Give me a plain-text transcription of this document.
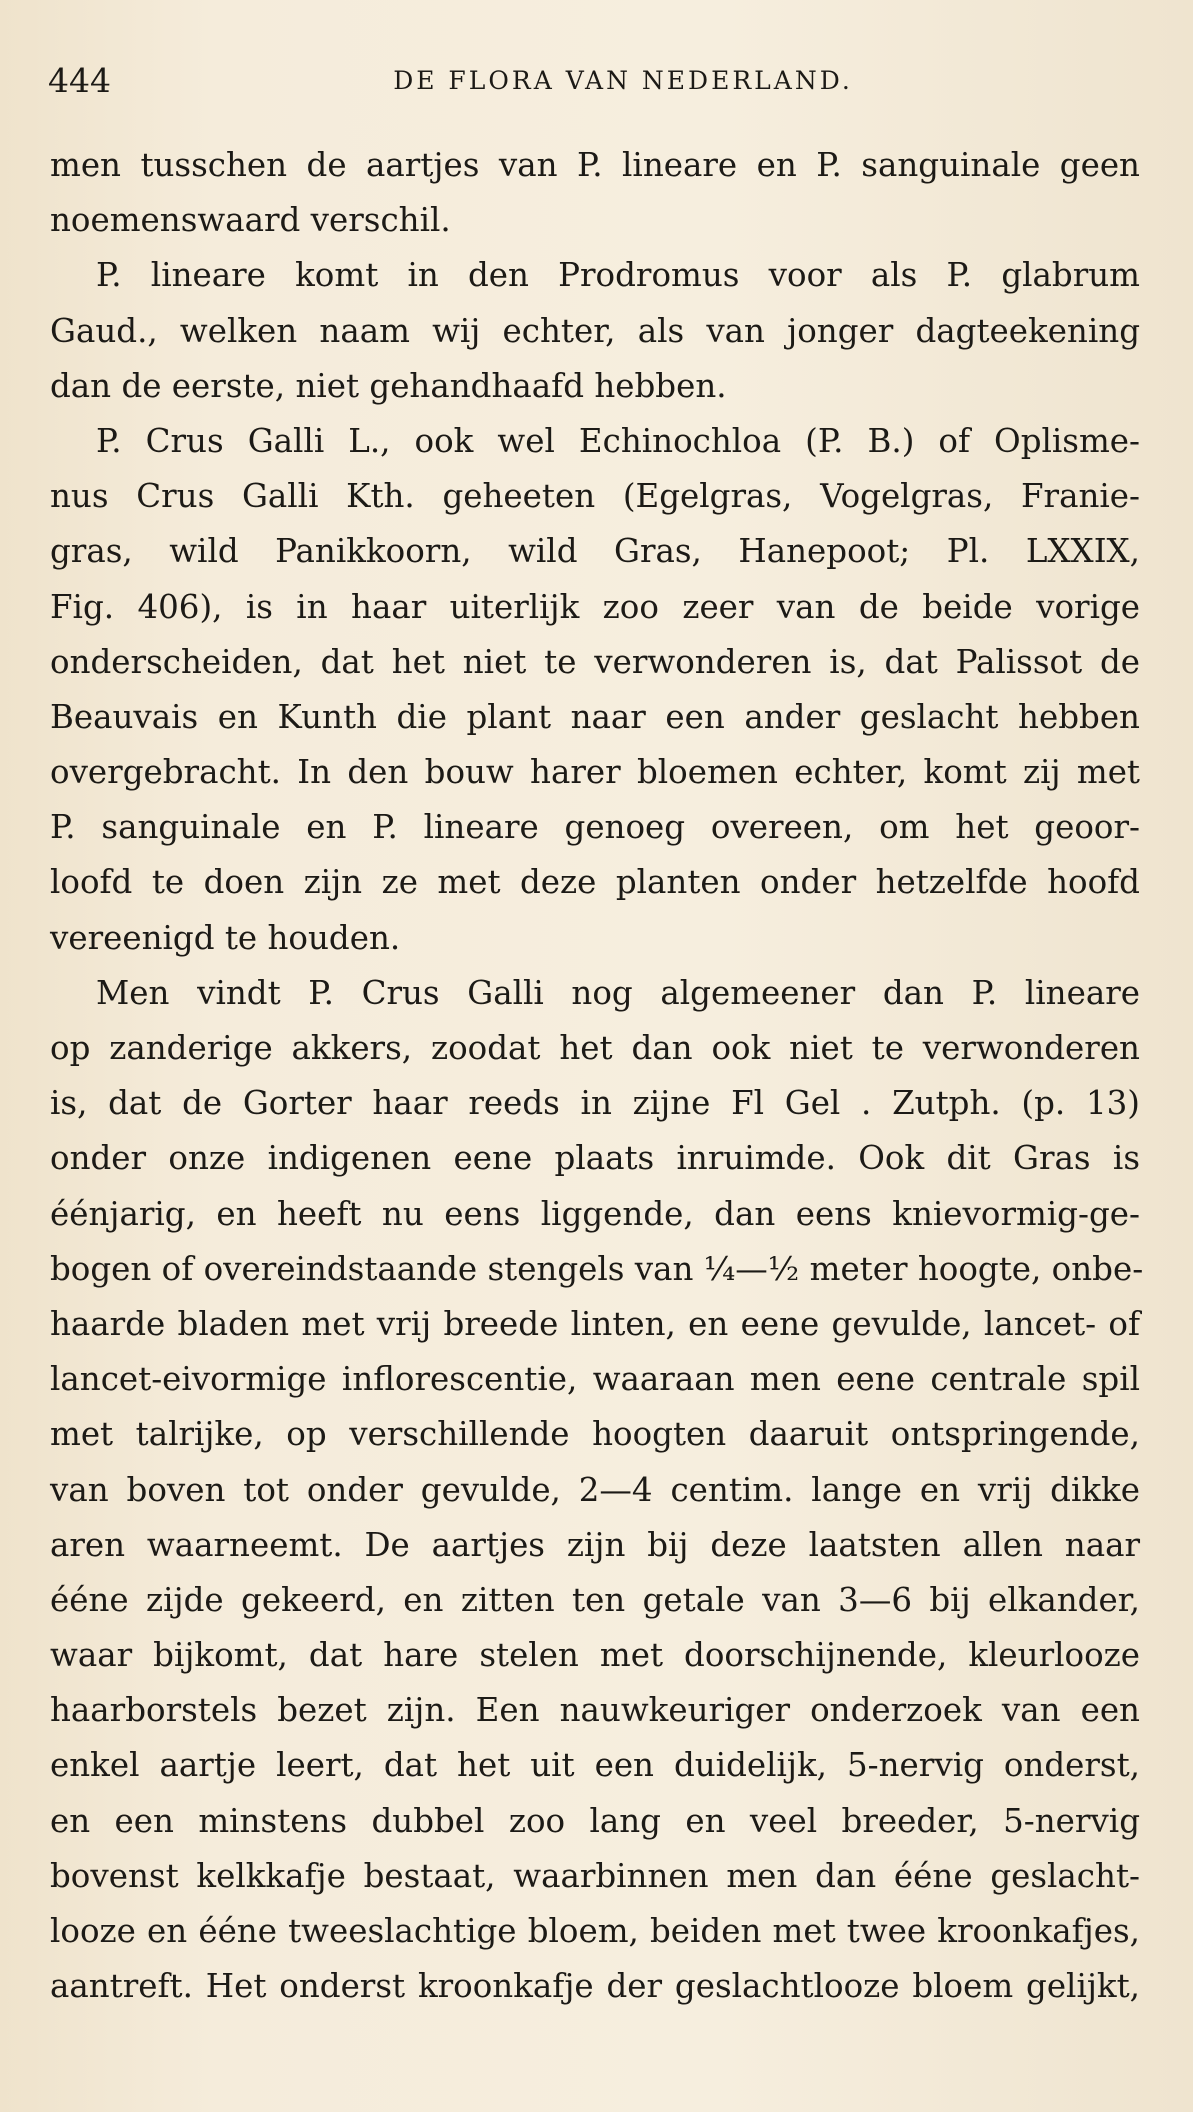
444	DE FLORA VAN NEDERLAND.
men tusschen de aartjes van P. lineare en P. sanguinale geen
noemenswaard verschil.
P. lineare komt in den Prodromus voor als P. glabrum
Gaud., welken naam wij echter, als van jonger dagteekening
dan de eerste, niet gehandhaafd hebben.
P. Crus Galli L., ook wel Echinochloa (P. B.) of Oplisme-
nus Crus Galli Kth. geheeten (Egelgras, Vogelgras, Franie-
gras, wild Panikkoorn, wild Gras, Hanepoot; Pl. LXXIX,
Fig. 406), is in haar uiterlijk zoo zeer van de beide vorige
onderscheiden, dat het niet te verwonderen is, dat Palissot de
Beauvais en Kunth die plant naar een ander geslacht hebben
overgebracht. In den bouw harer bloemen echter, komt zij met
P. sanguinale en P. lineare genoeg overeen, om het geoor-
loofd te doen zijn ze met deze planten onder hetzelfde hoofd
vereenigd te houden.
Men vindt P. Crus Galli nog algemeener dan P. lineare
op zanderige akkers, zoodat het dan ook niet te verwonderen
is, dat de Gorter haar reeds in zijne Fl Gel . Zutph. (p. 13)
onder onze indigenen eene plaats inruimde. Ook dit Gras is
éénjarig, en heeft nu eens liggende, dan eens knievormig-ge-
bogen of overeindstaande stengels van ¼—½ meter hoogte, onbe-
haarde bladen met vrij breede linten, en eene gevulde, lancet- of
lancet-eivormige inflorescentie, waaraan men eene centrale spil
met talrijke, op verschillende hoogten daaruit ontspringende,
van boven tot onder gevulde, 2—4 centim. lange en vrij dikke
aren waarneemt. De aartjes zijn bij deze laatsten allen naar
ééne zijde gekeerd, en zitten ten getale van 3—6 bij elkander,
waar bijkomt, dat hare stelen met doorschijnende, kleurlooze
haarborstels bezet zijn. Een nauwkeuriger onderzoek van een
enkel aartje leert, dat het uit een duidelijk, 5-nervig onderst,
en een minstens dubbel zoo lang en veel breeder, 5-nervig
bovenst kelkkafje bestaat, waarbinnen men dan ééne geslacht-
looze en ééne tweeslachtige bloem, beiden met twee kroonkafjes,
aantreft. Het onderst kroonkafje der geslachtlooze bloem gelijkt,
